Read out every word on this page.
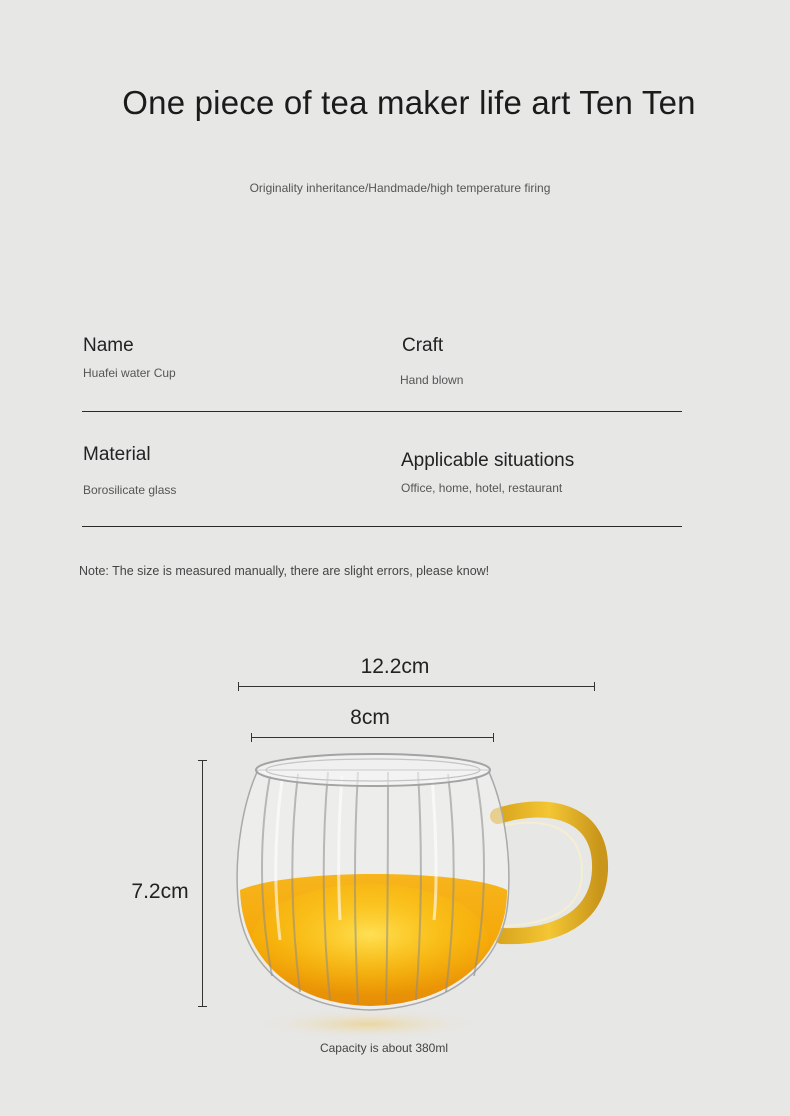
One piece of tea maker life art Ten Ten
Originality inheritance/Handmade/high temperature firing
Name
Huafei water Cup
Craft
Hand blown
Material
Borosilicate glass
Applicable situations
Office, home, hotel, restaurant
Note: The size is measured manually, there are slight errors, please know!
12.2cm
8cm
7.2cm
Capacity is about 380ml
